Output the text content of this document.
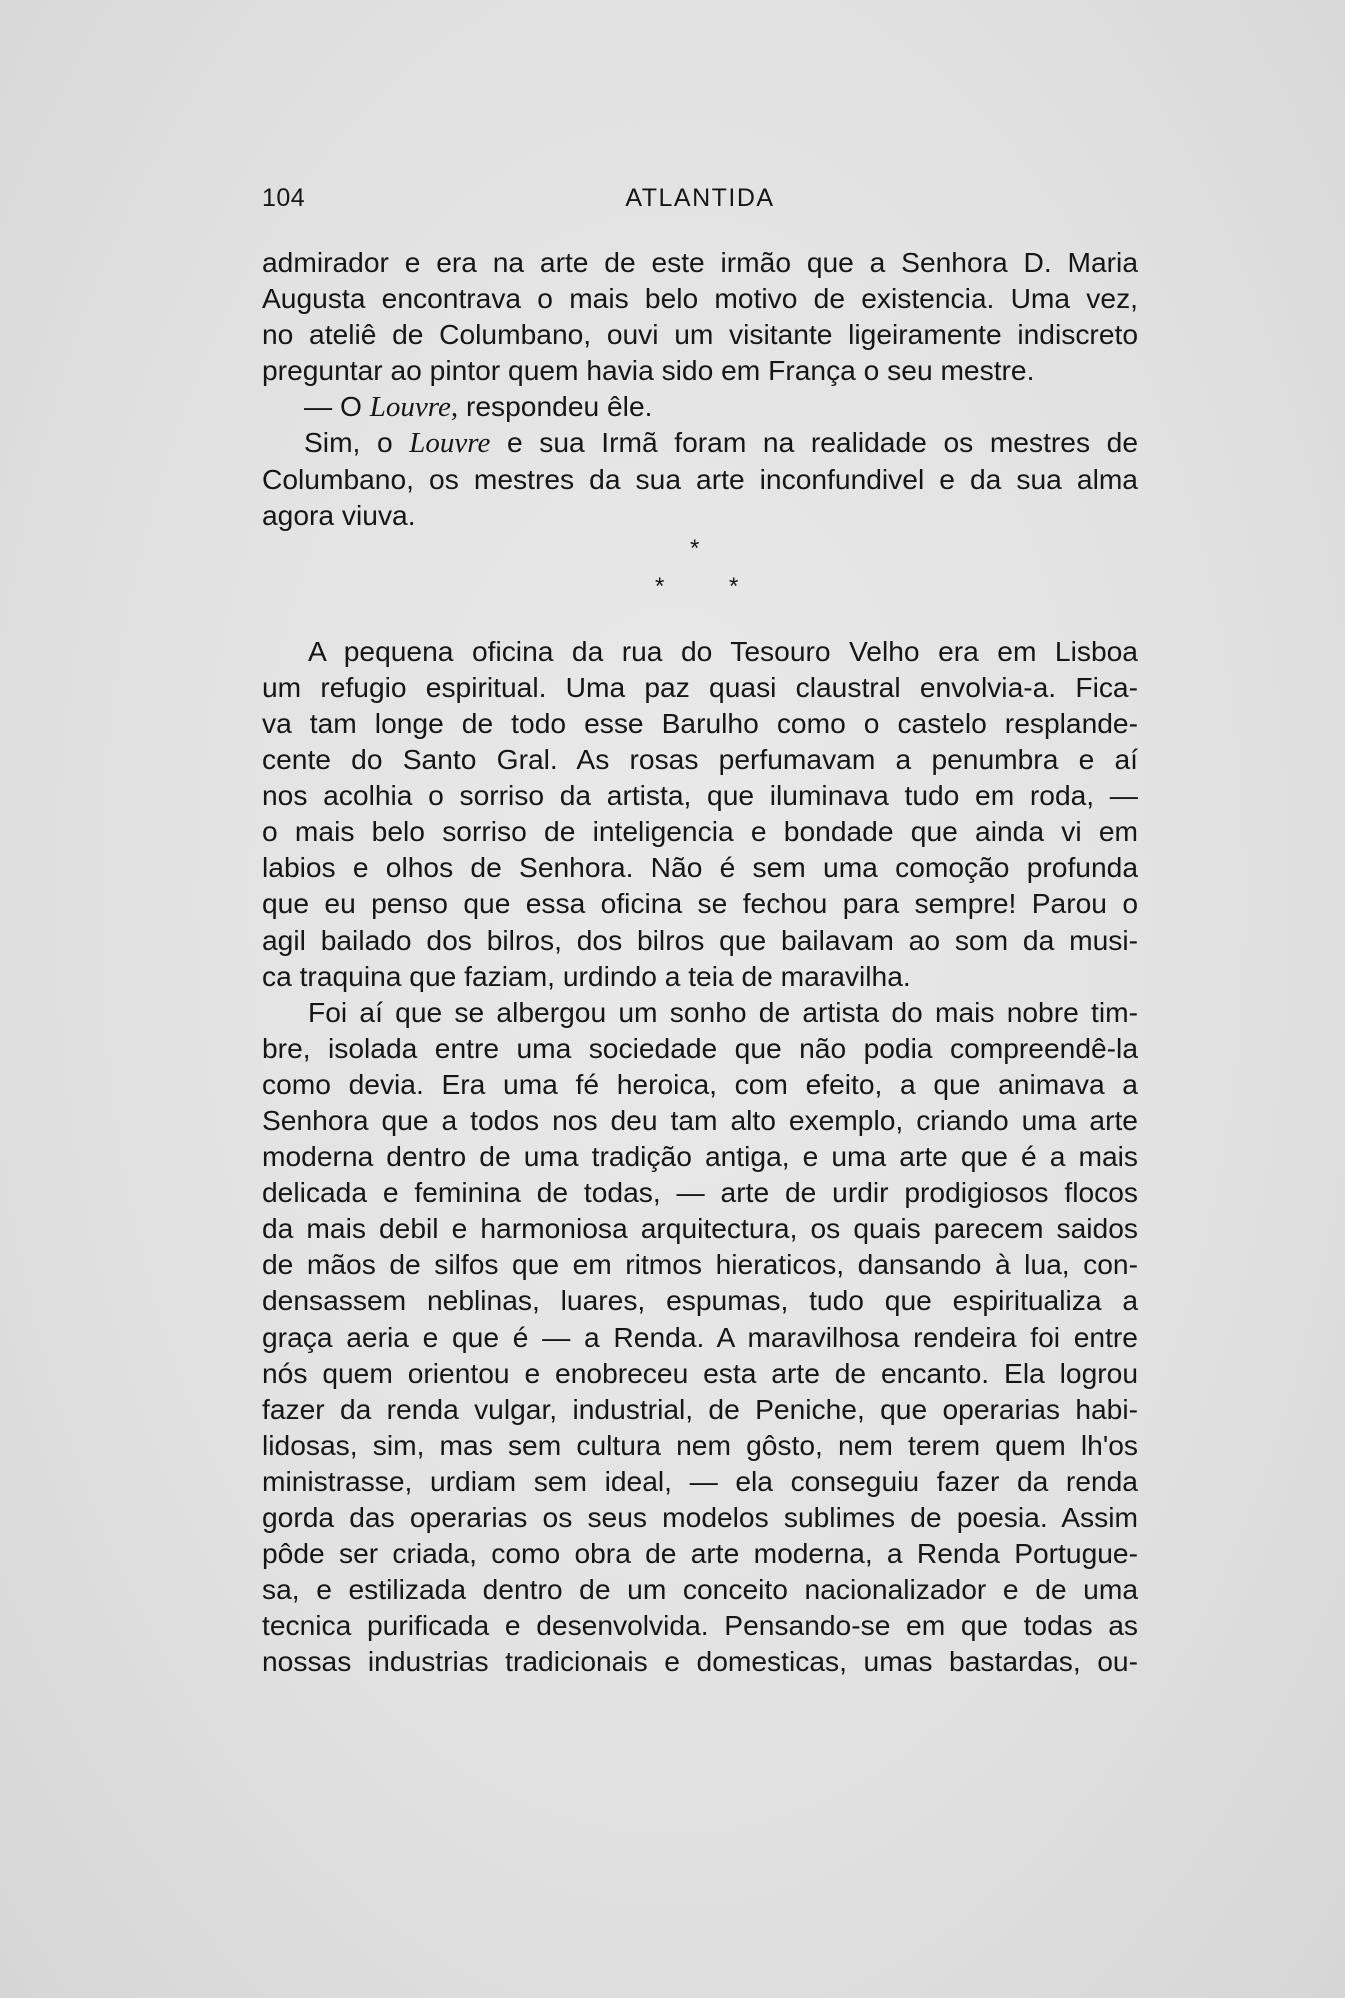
104	ATLANTIDA
admirador e era na arte de este irmão que a Senhora D. Maria
Augusta encontrava o mais belo motivo de existencia. Uma vez,
no ateliê de Columbano, ouvi um visitante ligeiramente indiscreto
preguntar ao pintor quem havia sido em França o seu mestre.
— O Louvre, respondeu êle.
Sim, o Louvre e sua Irmã foram na realidade os mestres de
Columbano, os mestres da sua arte inconfundivel e da sua alma
agora viuva.
*
*	*
A pequena oficina da rua do Tesouro Velho era em Lisboa
um refugio espiritual. Uma paz quasi claustral envolvia-a. Fica-
va tam longe de todo esse Barulho como o castelo resplande-
cente do Santo Gral. As rosas perfumavam a penumbra e aí
nos acolhia o sorriso da artista, que iluminava tudo em roda, —
o mais belo sorriso de inteligencia e bondade que ainda vi em
labios e olhos de Senhora. Não é sem uma comoção profunda
que eu penso que essa oficina se fechou para sempre! Parou o
agil bailado dos bilros, dos bilros que bailavam ao som da musi-
ca traquina que faziam, urdindo a teia de maravilha.
Foi aí que se albergou um sonho de artista do mais nobre tim-
bre, isolada entre uma sociedade que não podia compreendê-la
como devia. Era uma fé heroica, com efeito, a que animava a
Senhora que a todos nos deu tam alto exemplo, criando uma arte
moderna dentro de uma tradição antiga, e uma arte que é a mais
delicada e feminina de todas, — arte de urdir prodigiosos flocos
da mais debil e harmoniosa arquitectura, os quais parecem saidos
de mãos de silfos que em ritmos hieraticos, dansando à lua, con-
densassem neblinas, luares, espumas, tudo que espiritualiza a
graça aeria e que é — a Renda. A maravilhosa rendeira foi entre
nós quem orientou e enobreceu esta arte de encanto. Ela logrou
fazer da renda vulgar, industrial, de Peniche, que operarias habi-
lidosas, sim, mas sem cultura nem gôsto, nem terem quem lh'os
ministrasse, urdiam sem ideal, — ela conseguiu fazer da renda
gorda das operarias os seus modelos sublimes de poesia. Assim
pôde ser criada, como obra de arte moderna, a Renda Portugue-
sa, e estilizada dentro de um conceito nacionalizador e de uma
tecnica purificada e desenvolvida. Pensando-se em que todas as
nossas industrias tradicionais e domesticas, umas bastardas, ou-
